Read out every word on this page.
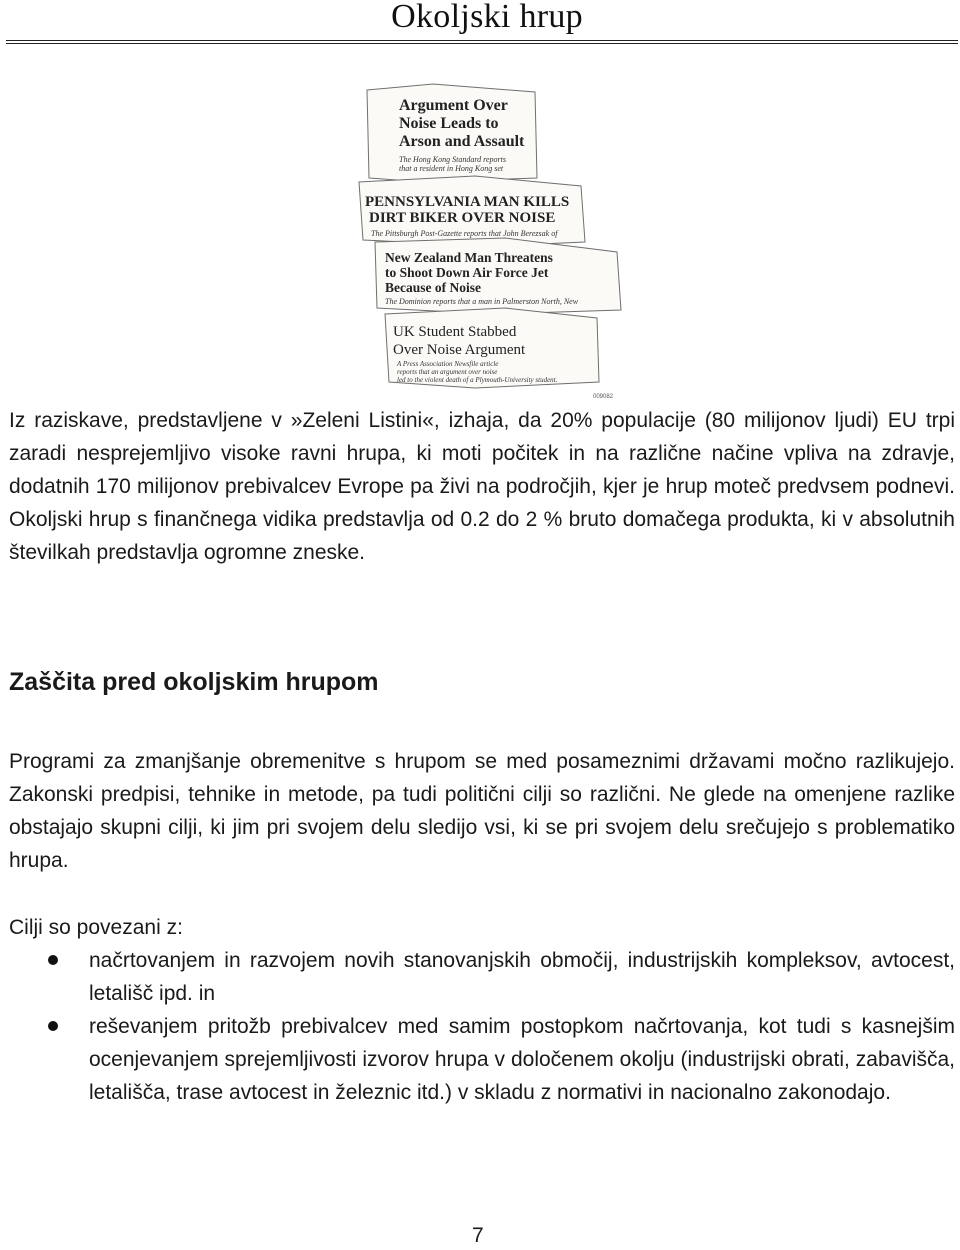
Okoljski hrup
Argument Over
Noise Leads to
Arson and Assault
The Hong Kong Standard reports
that a resident in Hong Kong set
PENNSYLVANIA MAN KILLS
DIRT BIKER OVER NOISE
The Pittsburgh Post-Gazette reports that John Berezsak of
New Zealand Man Threatens
to Shoot Down Air Force Jet
Because of Noise
The Dominion reports that a man in Palmerston North, New
UK Student Stabbed
Over Noise Argument
A Press Association Newsfile article
reports that an argument over noise
led to the violent death of a Plymouth-University student.
009082

Iz raziskave, predstavljene v »Zeleni Listini«, izhaja, da 20% populacije (80 milijonov ljudi) EU trpi zaradi nesprejemljivo visoke ravni hrupa, ki moti počitek in na različne načine vpliva na zdravje, dodatnih 170 milijonov prebivalcev Evrope pa živi na področjih, kjer je hrup moteč predvsem podnevi. Okoljski hrup s finančnega vidika predstavlja od 0.2 do 2 % bruto domačega produkta, ki v absolutnih številkah predstavlja ogromne zneske.

Zaščita pred okoljskim hrupom

Programi za zmanjšanje obremenitve s hrupom se med posameznimi državami močno razlikujejo. Zakonski predpisi, tehnike in metode, pa tudi politični cilji so različni. Ne glede na omenjene razlike obstajajo skupni cilji, ki jim pri svojem delu sledijo vsi, ki se pri svojem delu srečujejo s problematiko hrupa.

Cilji so povezani z:

načrtovanjem in razvojem novih stanovanjskih območij, industrijskih kompleksov, avtocest, letališč ipd. in
reševanjem pritožb prebivalcev med samim postopkom načrtovanja, kot tudi s kasnejšim ocenjevanjem sprejemljivosti izvorov hrupa v določenem okolju (industrijski obrati, zabavišča, letališča, trase avtocest in železnic itd.) v skladu z normativi in nacionalno zakonodajo.
7
